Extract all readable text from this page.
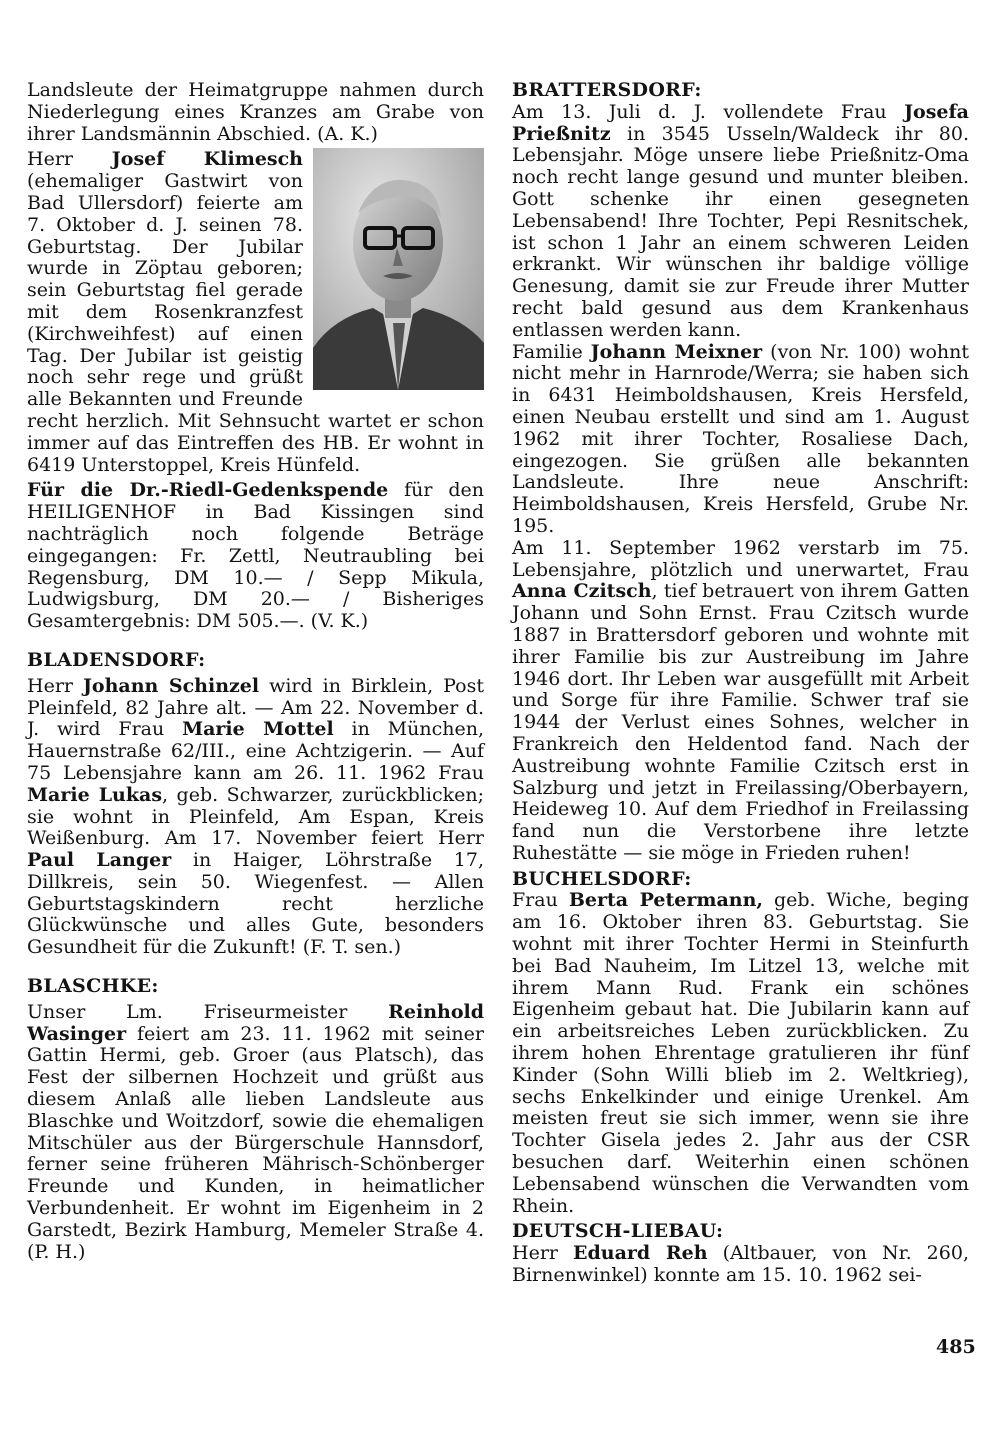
Landsleute der Heimatgruppe nahmen durch Niederlegung eines Kranzes am Grabe von ihrer Landsmännin Abschied. (A. K.)

Herr Josef Klimesch (ehemaliger Gastwirt von Bad Ullersdorf) feierte am 7. Oktober d. J. seinen 78. Geburtstag. Der Jubilar wurde in Zöptau geboren; sein Geburtstag fiel gerade mit dem Rosenkranzfest (Kirchweihfest) auf einen Tag. Der Jubilar ist geistig noch sehr rege und grüßt alle Bekannten und Freunde recht herzlich. Mit Sehnsucht wartet er schon immer auf das Eintreffen des HB. Er wohnt in 6419 Unterstoppel, Kreis Hünfeld.

Für die Dr.-Riedl-Gedenkspende für den HEILIGENHOF in Bad Kissingen sind nachträglich noch folgende Beträge eingegangen: Fr. Zettl, Neutraubling bei Regensburg, DM 10.— / Sepp Mikula, Ludwigsburg, DM 20.— / Bisheriges Gesamtergebnis: DM 505.—. (V. K.)

BLADENSDORF:

Herr Johann Schinzel wird in Birklein, Post Pleinfeld, 82 Jahre alt. — Am 22. November d. J. wird Frau Marie Mottel in München, Hauernstraße 62/III., eine Achtzigerin. — Auf 75 Lebensjahre kann am 26. 11. 1962 Frau Marie Lukas, geb. Schwarzer, zurückblicken; sie wohnt in Pleinfeld, Am Espan, Kreis Weißenburg. Am 17. November feiert Herr Paul Langer in Haiger, Löhrstraße 17, Dillkreis, sein 50. Wiegenfest. — Allen Geburtstagskindern recht herzliche Glückwünsche und alles Gute, besonders Gesundheit für die Zukunft! (F. T. sen.)

BLASCHKE:

Unser Lm. Friseurmeister Reinhold Wasinger feiert am 23. 11. 1962 mit seiner Gattin Hermi, geb. Groer (aus Platsch), das Fest der silbernen Hochzeit und grüßt aus diesem Anlaß alle lieben Landsleute aus Blaschke und Woitzdorf, sowie die ehemaligen Mitschüler aus der Bürgerschule Hannsdorf, ferner seine früheren Mährisch-Schönberger Freunde und Kunden, in heimatlicher Verbundenheit. Er wohnt im Eigenheim in 2 Garstedt, Bezirk Hamburg, Memeler Straße 4. (P. H.)

BRATTERSDORF:

Am 13. Juli d. J. vollendete Frau Josefa Prießnitz in 3545 Usseln/Waldeck ihr 80. Lebensjahr. Möge unsere liebe Prießnitz-Oma noch recht lange gesund und munter bleiben. Gott schenke ihr einen gesegneten Lebensabend! Ihre Tochter, Pepi Resnitschek, ist schon 1 Jahr an einem schweren Leiden erkrankt. Wir wünschen ihr baldige völlige Genesung, damit sie zur Freude ihrer Mutter recht bald gesund aus dem Krankenhaus entlassen werden kann.

Familie Johann Meixner (von Nr. 100) wohnt nicht mehr in Harnrode/Werra; sie haben sich in 6431 Heimboldshausen, Kreis Hersfeld, einen Neubau erstellt und sind am 1. August 1962 mit ihrer Tochter, Rosaliese Dach, eingezogen. Sie grüßen alle bekannten Landsleute. Ihre neue Anschrift: Heimboldshausen, Kreis Hersfeld, Grube Nr. 195.

Am 11. September 1962 verstarb im 75. Lebensjahre, plötzlich und unerwartet, Frau Anna Czitsch, tief betrauert von ihrem Gatten Johann und Sohn Ernst. Frau Czitsch wurde 1887 in Brattersdorf geboren und wohnte mit ihrer Familie bis zur Austreibung im Jahre 1946 dort. Ihr Leben war ausgefüllt mit Arbeit und Sorge für ihre Familie. Schwer traf sie 1944 der Verlust eines Sohnes, welcher in Frankreich den Heldentod fand. Nach der Austreibung wohnte Familie Czitsch erst in Salzburg und jetzt in Freilassing/Oberbayern, Heideweg 10. Auf dem Friedhof in Freilassing fand nun die Verstorbene ihre letzte Ruhestätte — sie möge in Frieden ruhen!

BUCHELSDORF:

Frau Berta Petermann, geb. Wiche, beging am 16. Oktober ihren 83. Geburtstag. Sie wohnt mit ihrer Tochter Hermi in Steinfurth bei Bad Nauheim, Im Litzel 13, welche mit ihrem Mann Rud. Frank ein schönes Eigenheim gebaut hat. Die Jubilarin kann auf ein arbeitsreiches Leben zurückblicken. Zu ihrem hohen Ehrentage gratulieren ihr fünf Kinder (Sohn Willi blieb im 2. Weltkrieg), sechs Enkelkinder und einige Urenkel. Am meisten freut sie sich immer, wenn sie ihre Tochter Gisela jedes 2. Jahr aus der CSR besuchen darf. Weiterhin einen schönen Lebensabend wünschen die Verwandten vom Rhein.

DEUTSCH-LIEBAU:

Herr Eduard Reh (Altbauer, von Nr. 260, Birnenwinkel) konnte am 15. 10. 1962 sei-

485
